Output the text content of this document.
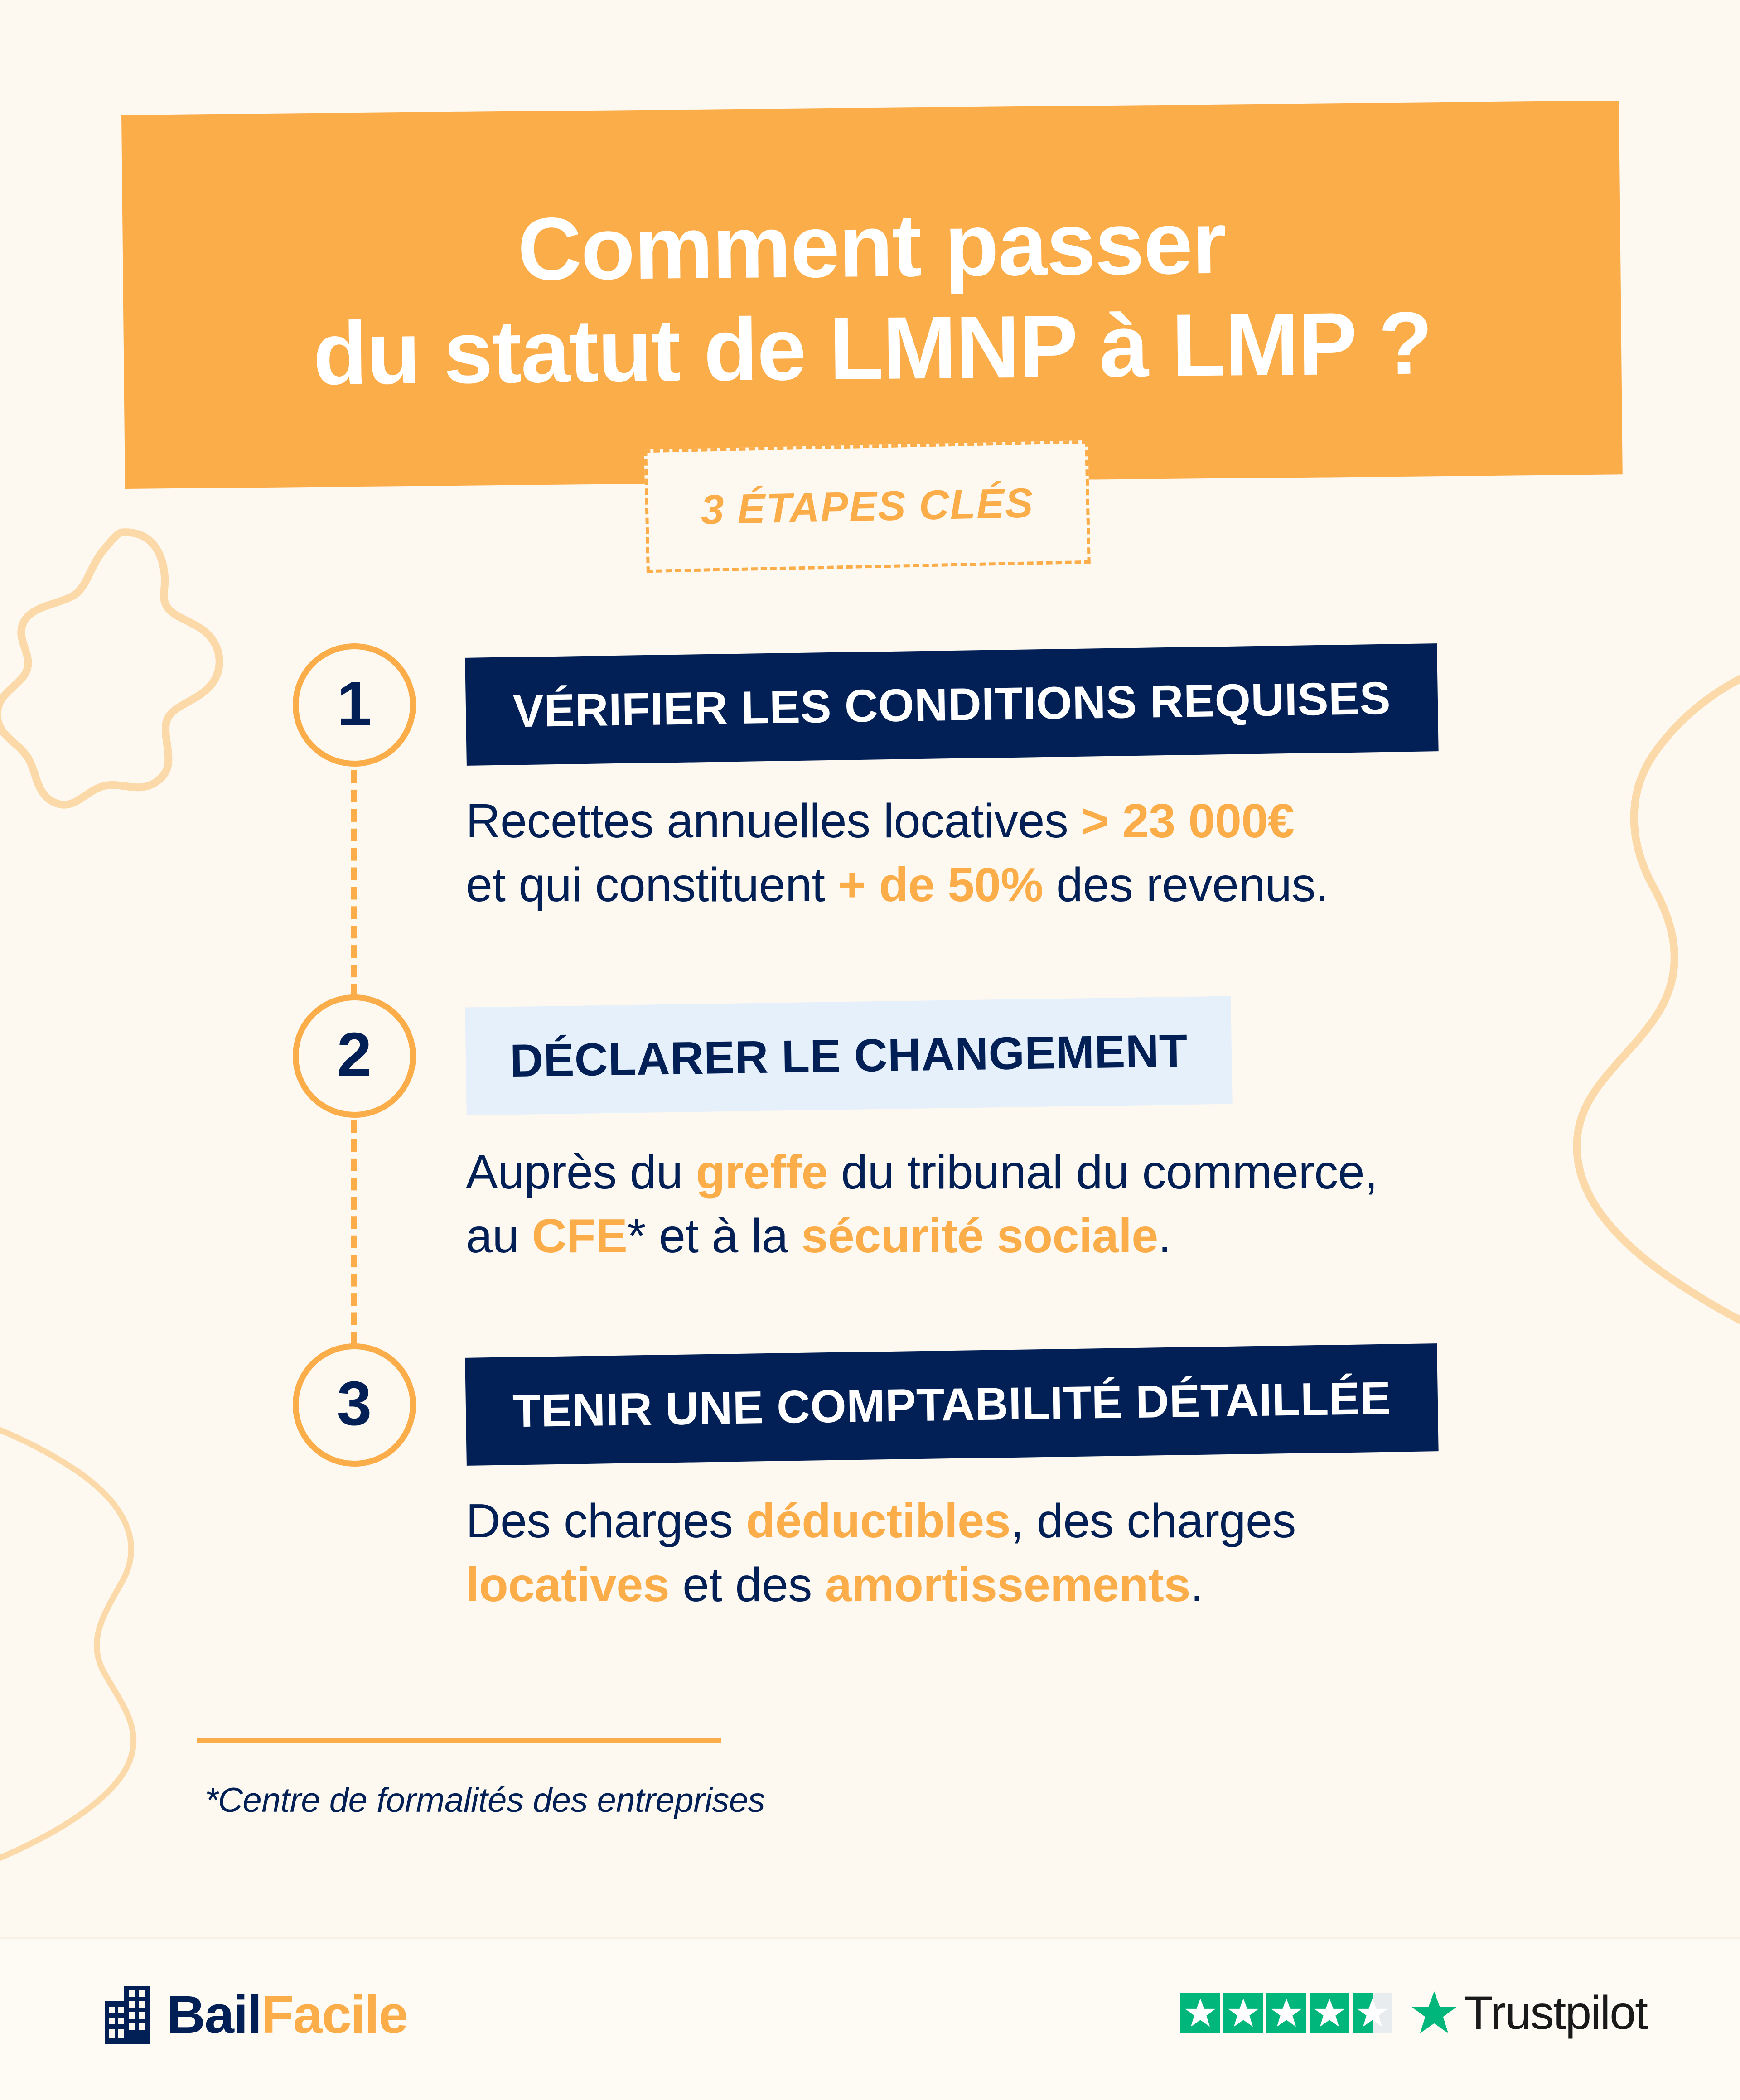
Comment passer
du statut de LMNP à LMP ?
3 ÉTAPES CLÉS
1	VÉRIFIER LES CONDITIONS REQUISES
Recettes annuelles locatives > 23 000€
et qui constituent + de 50% des revenus.
2	DÉCLARER LE CHANGEMENT
Auprès du greffe du tribunal du commerce,
au CFE* et à la sécurité sociale.
3	TENIR UNE COMPTABILITÉ DÉTAILLÉE
Des charges déductibles, des charges
locatives et des amortissements.
*Centre de formalités des entreprises
BailFacile	Trustpilot
